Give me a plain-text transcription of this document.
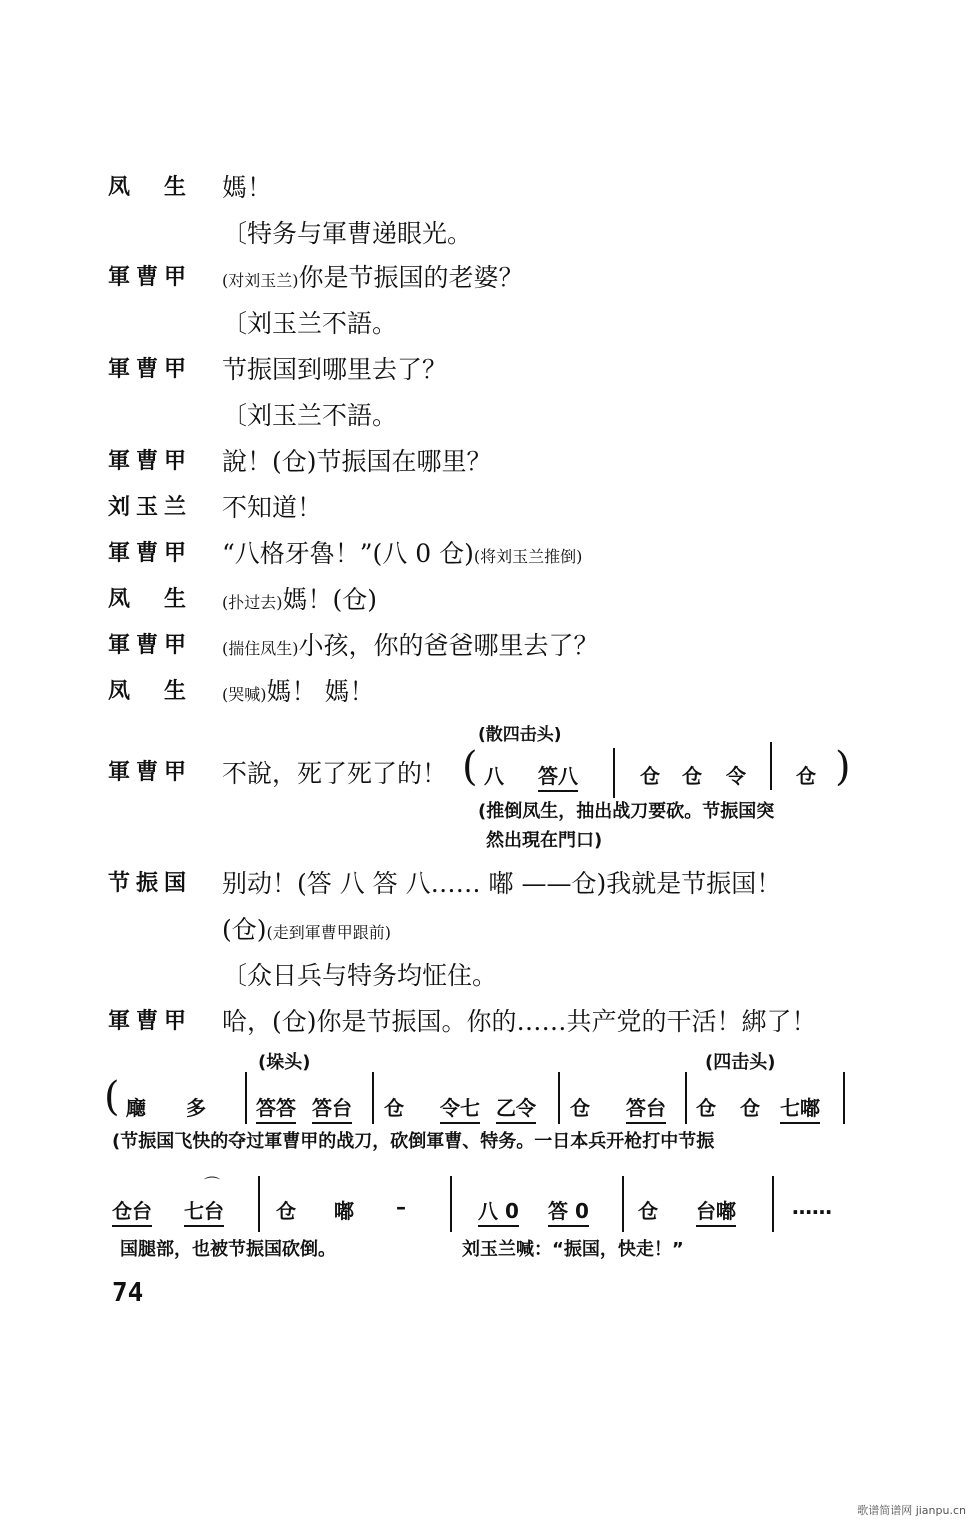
凤　生 媽！
〔特务与軍曹递眼光。
軍曹甲 (对刘玉兰)你是节振国的老婆？
〔刘玉兰不語。
軍曹甲 节振国到哪里去了？
〔刘玉兰不語。
軍曹甲 說！(仓)节振国在哪里？
刘玉兰 不知道！
軍曹甲 “八格牙魯！”(八 0 仓)(将刘玉兰推倒)
凤　生 (扑过去)媽！(仓)
軍曹甲 (揣住凤生)小孩，你的爸爸哪里去了？
凤　生 (哭喊)媽！ 媽！
(散四击头)
軍曹甲 不說，死了死了的！ ( 八 答八	仓 仓 令	仓 )
(推倒凤生，抽出战刀要砍。节振国突
然出現在門口)
节振国 别动！(答 八 答 八…… 嘟 ——仓)我就是节振国！
(仓)(走到軍曹甲跟前)
〔众日兵与特务均怔住。
軍曹甲 哈，(仓)你是节振国。你的……共产党的干活！綁了！
(垛头)	(四击头)
( 廰 多	答答 答台 仓 令七 乙令 仓 答台 仓 仓 七嘟
(节振国飞快的夺过軍曹甲的战刀，砍倒軍曹、特务。一日本兵开枪打中节振
⌒
仓台 七台	仓 嘟 –	八 0 答 0 仓 台嘟	……
国腿部，也被节振国砍倒。	刘玉兰喊：“振国，快走！”
74
歌谱简谱网 jianpu.cn
